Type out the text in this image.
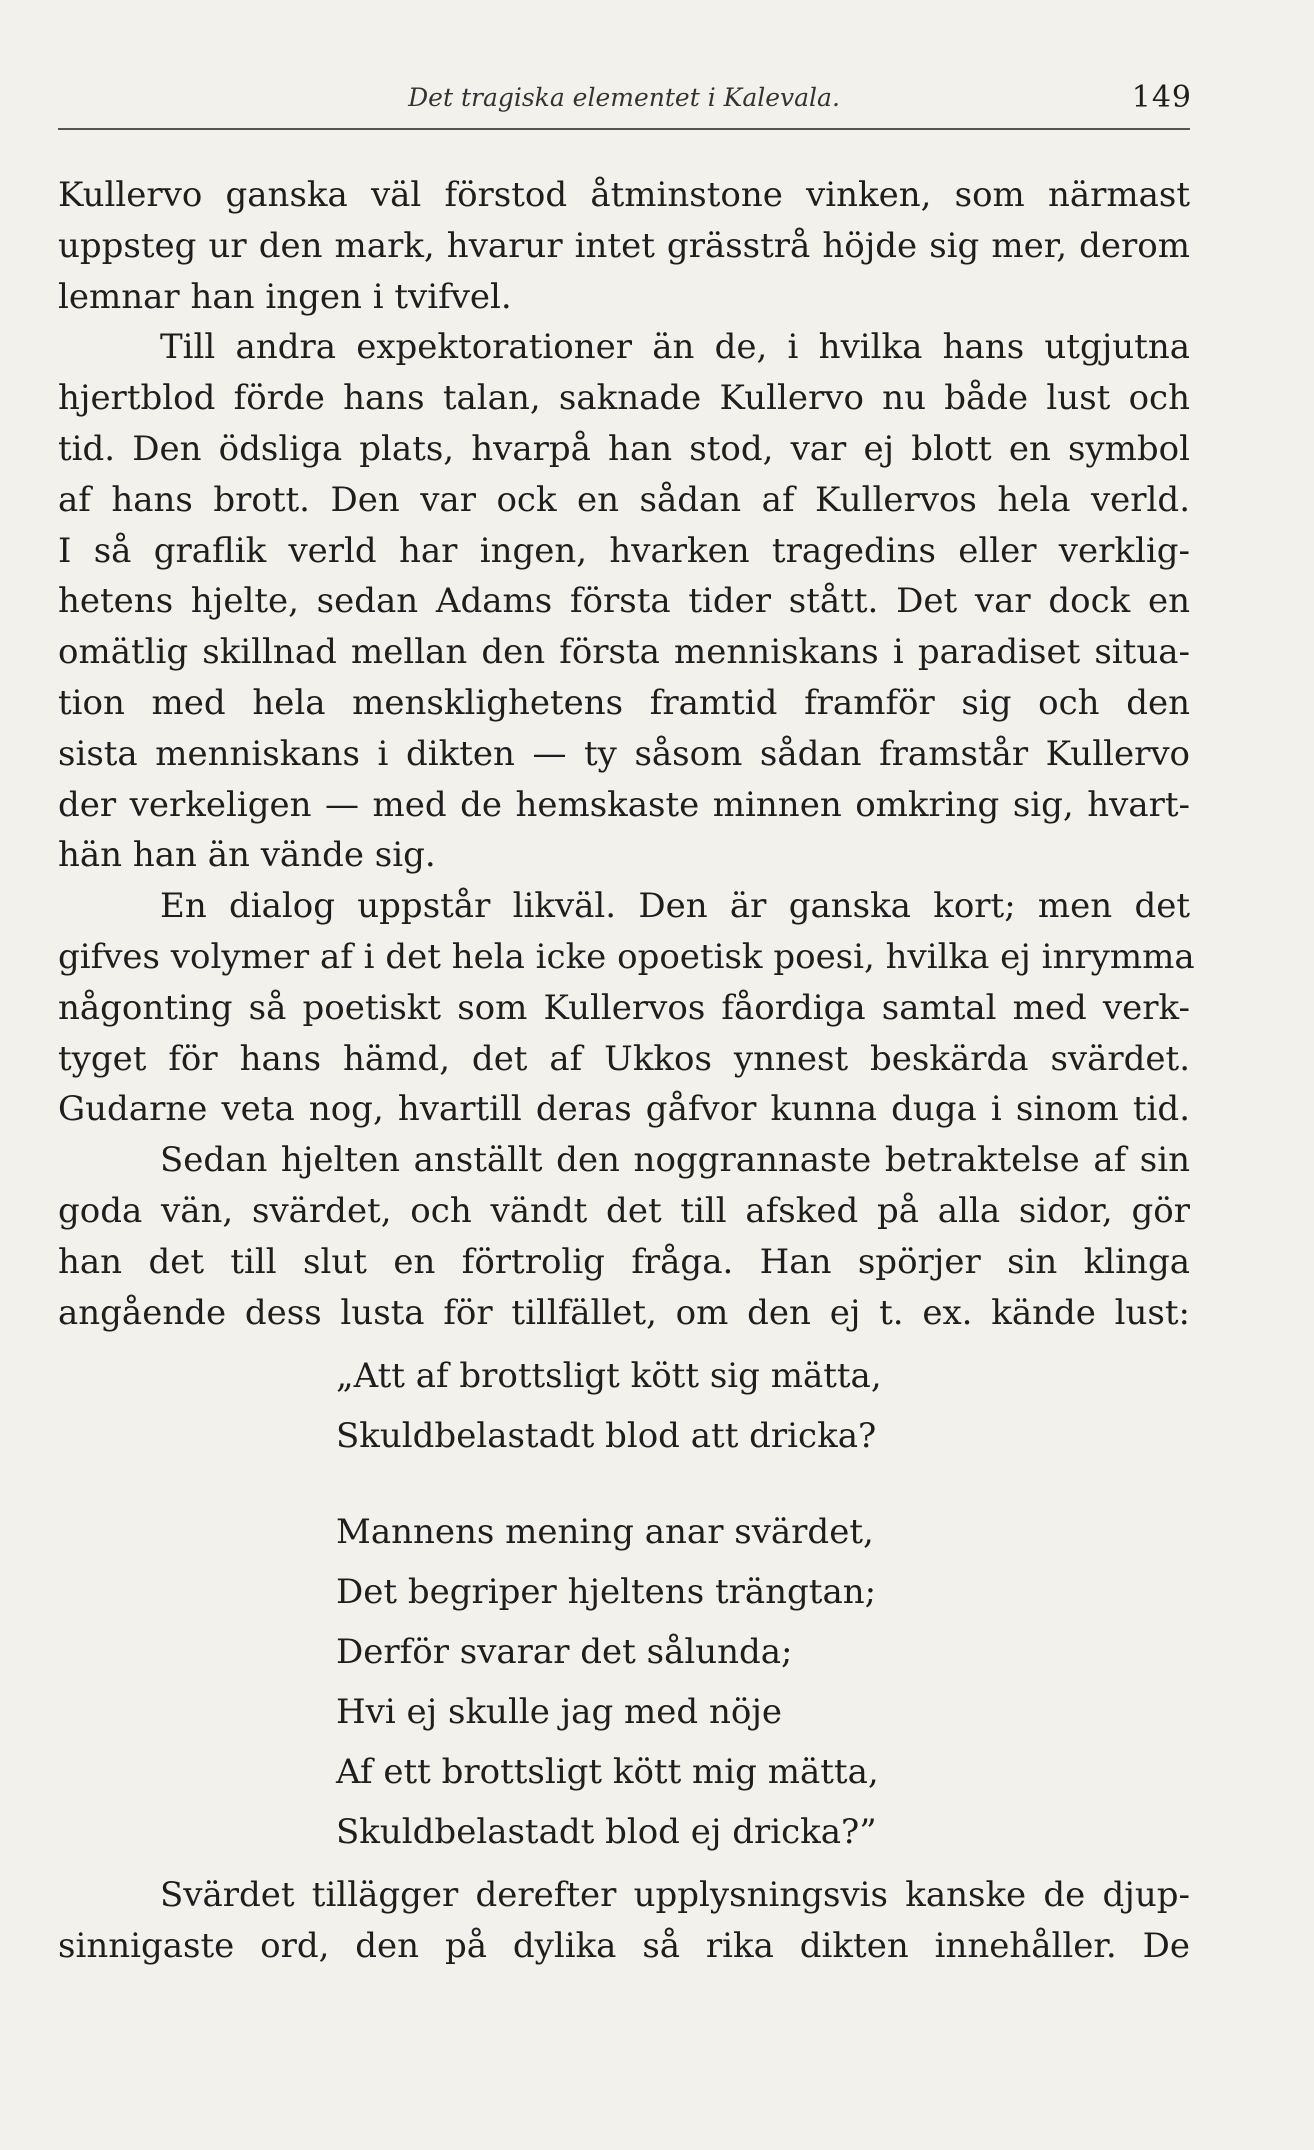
Det tragiska elementet i Kalevala.	149
Kullervo ganska väl förstod åtminstone vinken, som närmast
uppsteg ur den mark, hvarur intet grässtrå höjde sig mer, derom
lemnar han ingen i tvifvel.
Till andra expektorationer än de, i hvilka hans utgjutna
hjertblod förde hans talan, saknade Kullervo nu både lust och
tid. Den ödsliga plats, hvarpå han stod, var ej blott en symbol
af hans brott. Den var ock en sådan af Kullervos hela verld.
I så graflik verld har ingen, hvarken tragedins eller verklig-
hetens hjelte, sedan Adams första tider stått. Det var dock en
omätlig skillnad mellan den första menniskans i paradiset situa-
tion med hela mensklighetens framtid framför sig och den
sista menniskans i dikten — ty såsom sådan framstår Kullervo
der verkeligen — med de hemskaste minnen omkring sig, hvart-
hän han än vände sig.
En dialog uppstår likväl. Den är ganska kort; men det
gifves volymer af i det hela icke opoetisk poesi, hvilka ej inrymma
någonting så poetiskt som Kullervos fåordiga samtal med verk-
tyget för hans hämd, det af Ukkos ynnest beskärda svärdet.
Gudarne veta nog, hvartill deras gåfvor kunna duga i sinom tid.
Sedan hjelten anställt den noggrannaste betraktelse af sin
goda vän, svärdet, och vändt det till afsked på alla sidor, gör
han det till slut en förtrolig fråga. Han spörjer sin klinga
angående dess lusta för tillfället, om den ej t. ex. kände lust:
„Att af brottsligt kött sig mätta,
Skuldbelastadt blod att dricka?
Mannens mening anar svärdet,
Det begriper hjeltens trängtan;
Derför svarar det sålunda;
Hvi ej skulle jag med nöje
Af ett brottsligt kött mig mätta,
Skuldbelastadt blod ej dricka?”
Svärdet tillägger derefter upplysningsvis kanske de djup-
sinnigaste ord, den på dylika så rika dikten innehåller. De
